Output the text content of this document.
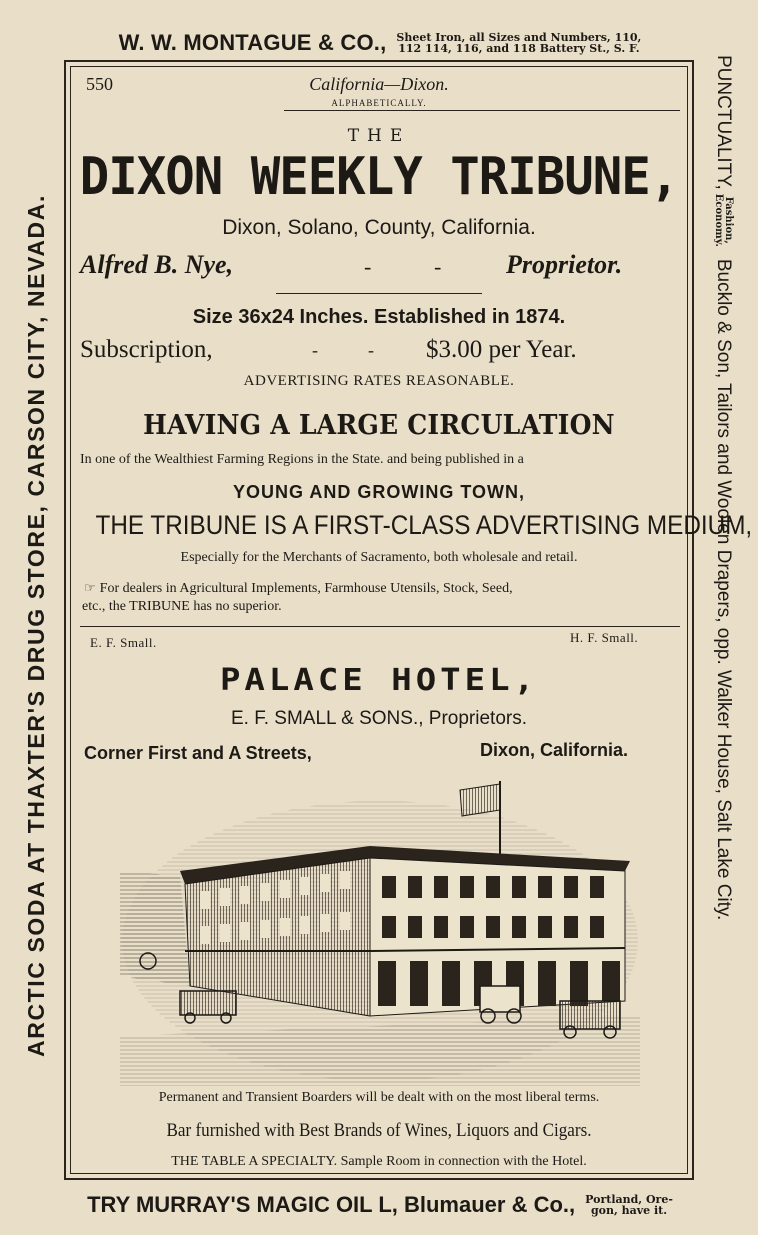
W. W. MONTAGUE & CO., Sheet Iron, all Sizes and Numbers, 110,
112 114, 116, and 118 Battery St., S. F.
ARCTIC SODA AT THAXTER'S DRUG STORE, CARSON CITY, NEVADA.
PUNCTUALITY,
Fashion,
Economy.
Bucklo & Son, Tailors and Woolen Drapers, opp. Walker House, Salt Lake City.
550	California—Dixon.
ALPHABETICALLY.
THE
DIXON WEEKLY TRIBUNE,
Dixon, Solano, County, California.
Alfred B. Nye,	-	- Proprietor.
Size 36x24 Inches. Established in 1874.
Subscription,	-	- $3.00 per Year.
ADVERTISING RATES REASONABLE.
HAVING A LARGE CIRCULATION
In one of the Wealthiest Farming Regions in the State. and being published in a
YOUNG AND GROWING TOWN,
THE TRIBUNE IS A FIRST-CLASS ADVERTISING MEDIUM,
Especially for the Merchants of Sacramento, both wholesale and retail.
☞ For dealers in Agricultural Implements, Farmhouse Utensils, Stock, Seed,
etc., the TRIBUNE has no superior.
E. F. Small.	H. F. Small.
PALACE HOTEL,
E. F. SMALL & SONS., Proprietors.
Corner First and A Streets,	Dixon, California.
Permanent and Transient Boarders will be dealt with on the most liberal terms.
Bar furnished with Best Brands of Wines, Liquors and Cigars.
THE TABLE A SPECIALTY. Sample Room in connection with the Hotel.
TRY MURRAY'S MAGIC OIL L, Blumauer & Co., Portland, Ore-
gon, have it.
